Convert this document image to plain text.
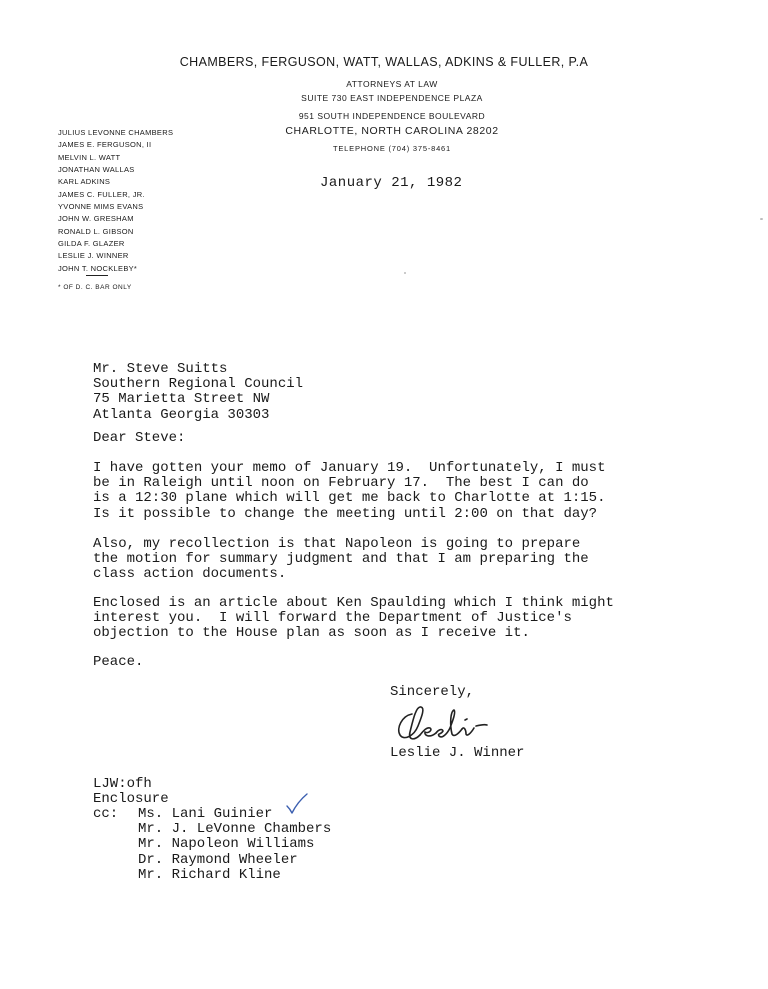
CHAMBERS, FERGUSON, WATT, WALLAS, ADKINS & FULLER, P.A
ATTORNEYS AT LAW
SUITE 730 EAST INDEPENDENCE PLAZA
951 SOUTH INDEPENDENCE BOULEVARD
CHARLOTTE, NORTH CAROLINA 28202
TELEPHONE (704) 375-8461
JULIUS LEVONNE CHAMBERS
JAMES E. FERGUSON, II
MELVIN L. WATT
JONATHAN WALLAS
KARL ADKINS
JAMES C. FULLER, JR.
YVONNE MIMS EVANS
JOHN W. GRESHAM
RONALD L. GIBSON
GILDA F. GLAZER
LESLIE J. WINNER
JOHN T. NOCKLEBY*
* OF D. C. BAR ONLY
January 21, 1982
Mr. Steve Suitts
Southern Regional Council
75 Marietta Street NW
Atlanta Georgia 30303
Dear Steve:
I have gotten your memo of January 19.  Unfortunately, I must
be in Raleigh until noon on February 17.  The best I can do
is a 12:30 plane which will get me back to Charlotte at 1:15.
Is it possible to change the meeting until 2:00 on that day?
Also, my recollection is that Napoleon is going to prepare
the motion for summary judgment and that I am preparing the
class action documents.
Enclosed is an article about Ken Spaulding which I think might
interest you.  I will forward the Department of Justice's
objection to the House plan as soon as I receive it.
Peace.
Sincerely,
Leslie J. Winner
LJW:ofh
Enclosure
cc: Ms. Lani Guinier
Mr. J. LeVonne Chambers
Mr. Napoleon Williams
Dr. Raymond Wheeler
Mr. Richard Kline
